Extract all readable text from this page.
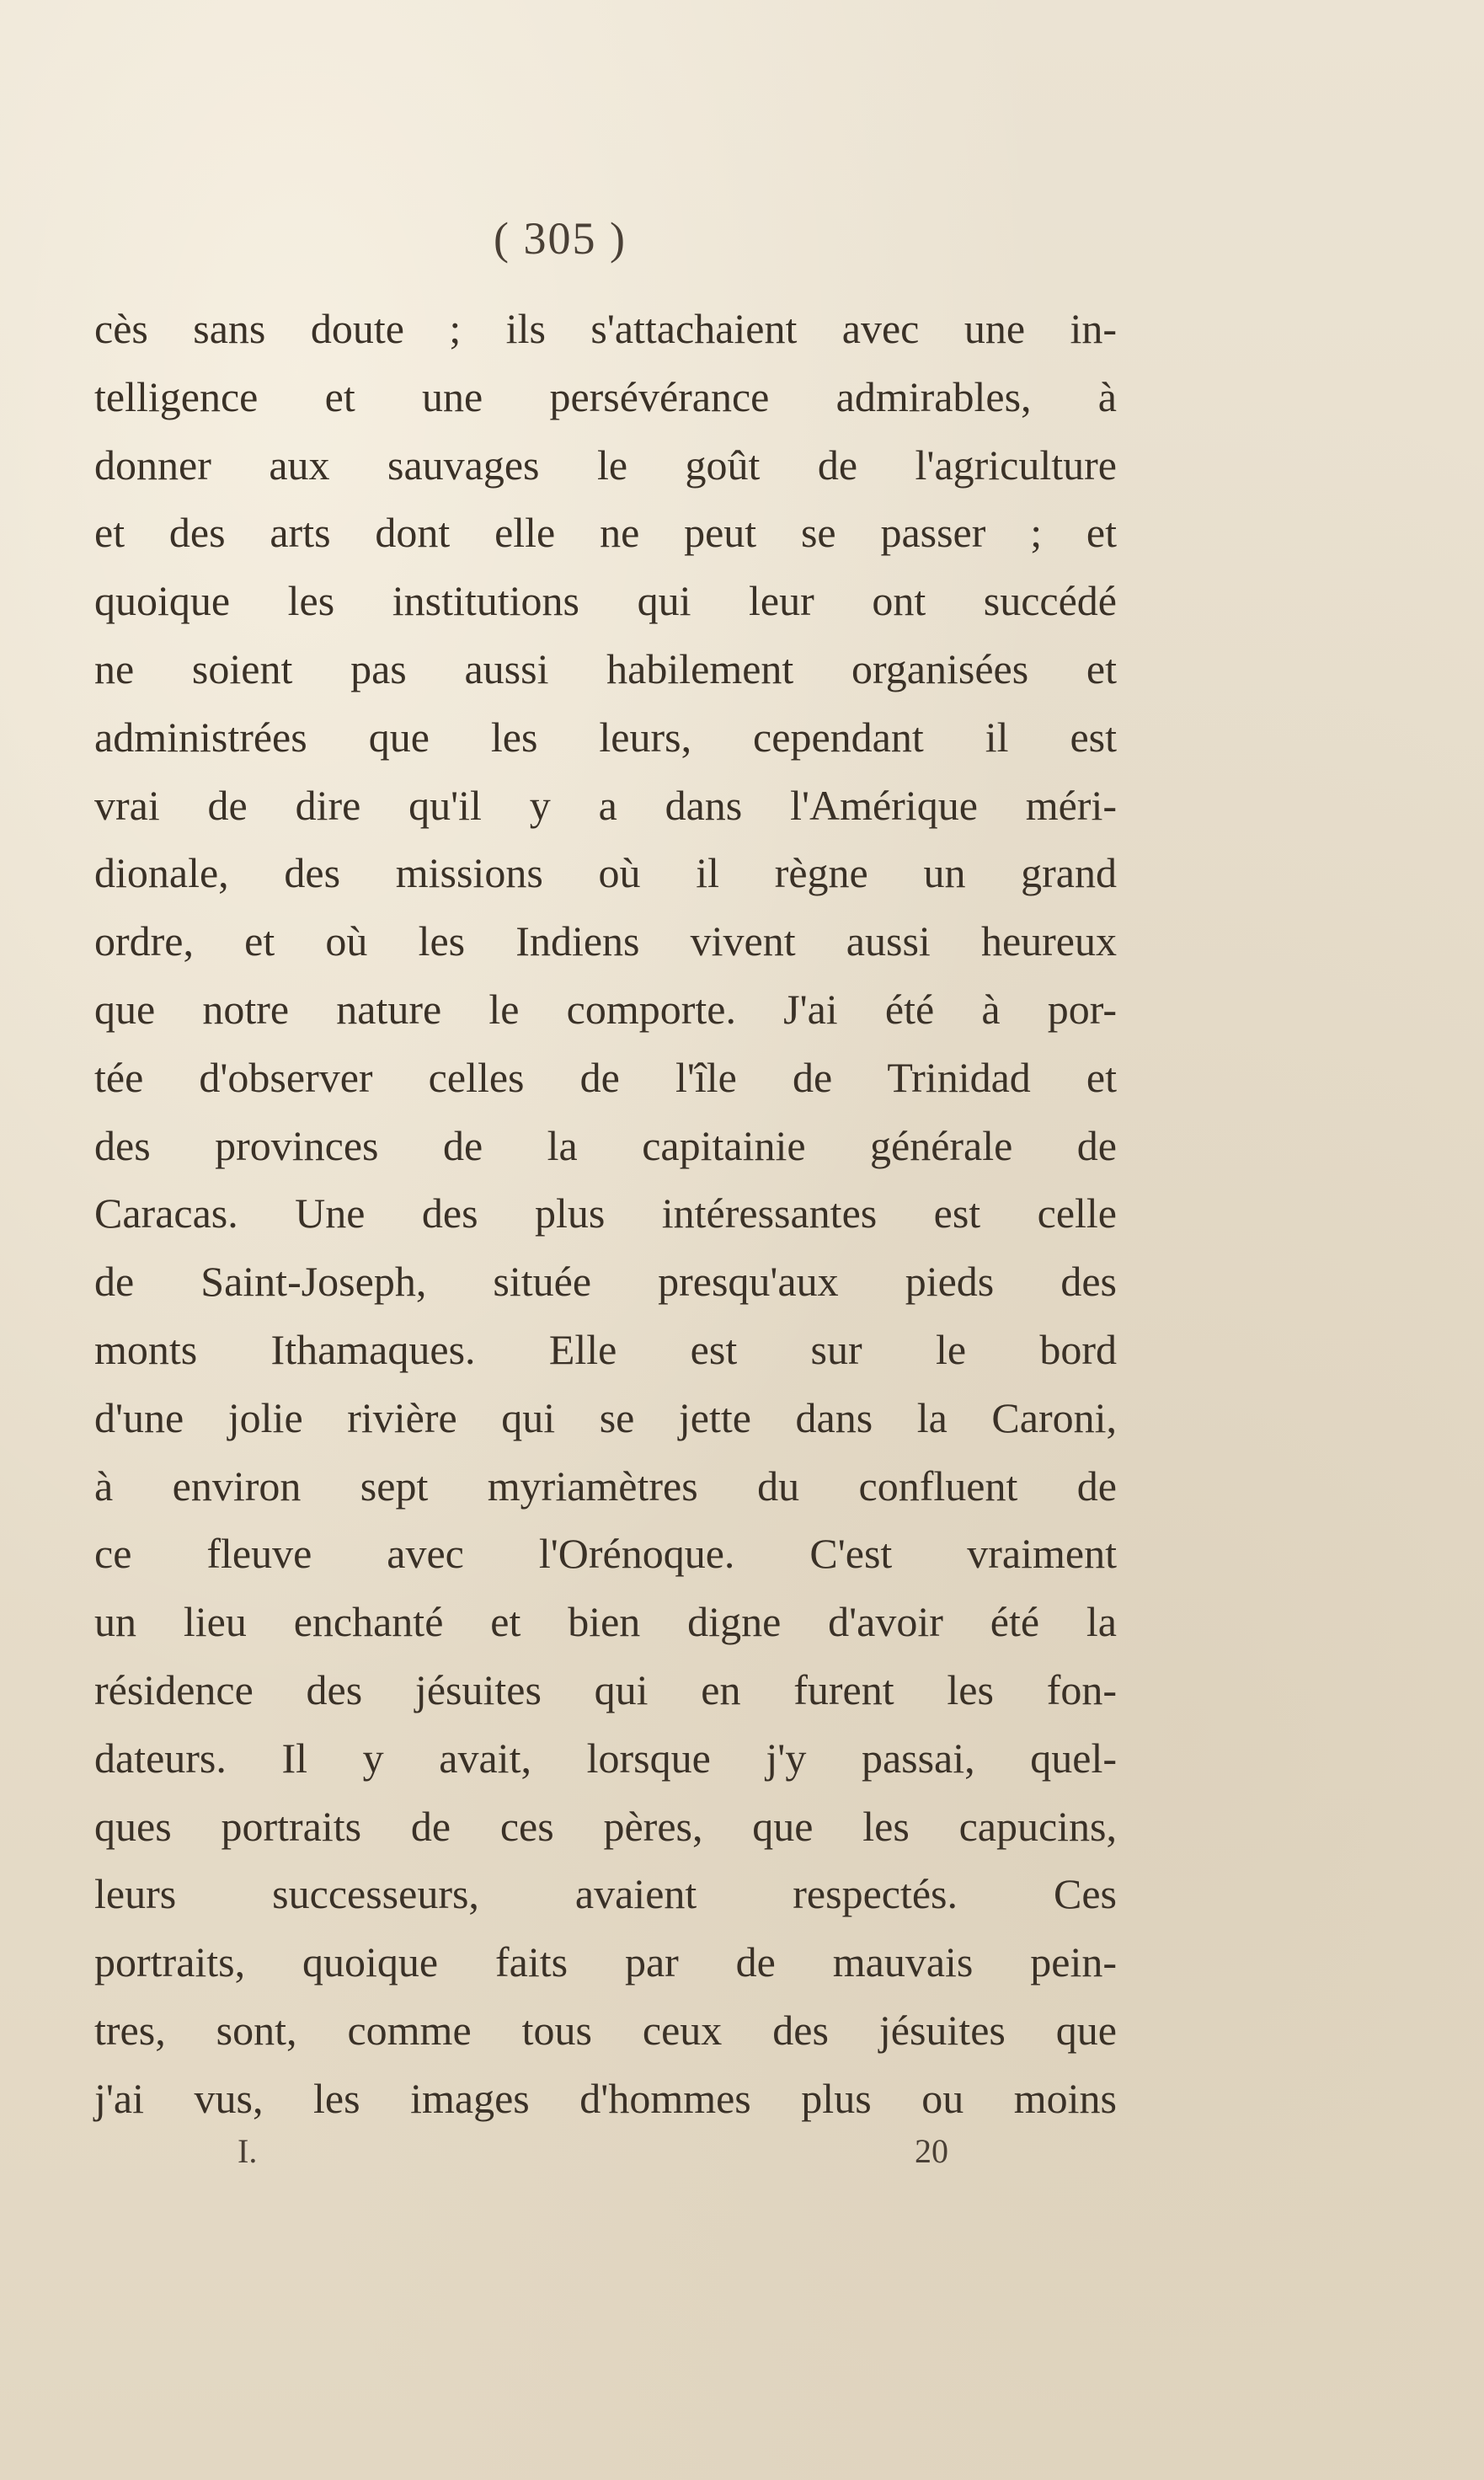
( 305 )
cès sans doute ; ils s'attachaient avec une in-
telligence et une persévérance admirables, à
donner aux sauvages le goût de l'agriculture
et des arts dont elle ne peut se passer ; et
quoique les institutions qui leur ont succédé
ne soient pas aussi habilement organisées et
administrées que les leurs, cependant il est
vrai de dire qu'il y a dans l'Amérique méri-
dionale, des missions où il règne un grand
ordre, et où les Indiens vivent aussi heureux
que notre nature le comporte. J'ai été à por-
tée d'observer celles de l'île de Trinidad et
des provinces de la capitainie générale de
Caracas. Une des plus intéressantes est celle
de Saint-Joseph, située presqu'aux pieds des
monts Ithamaques. Elle est sur le bord
d'une jolie rivière qui se jette dans la Caroni,
à environ sept myriamètres du confluent de
ce fleuve avec l'Orénoque. C'est vraiment
un lieu enchanté et bien digne d'avoir été la
résidence des jésuites qui en furent les fon-
dateurs. Il y avait, lorsque j'y passai, quel-
ques portraits de ces pères, que les capucins,
leurs successeurs, avaient respectés. Ces
portraits, quoique faits par de mauvais pein-
tres, sont, comme tous ceux des jésuites que
j'ai vus, les images d'hommes plus ou moins
I.	20
